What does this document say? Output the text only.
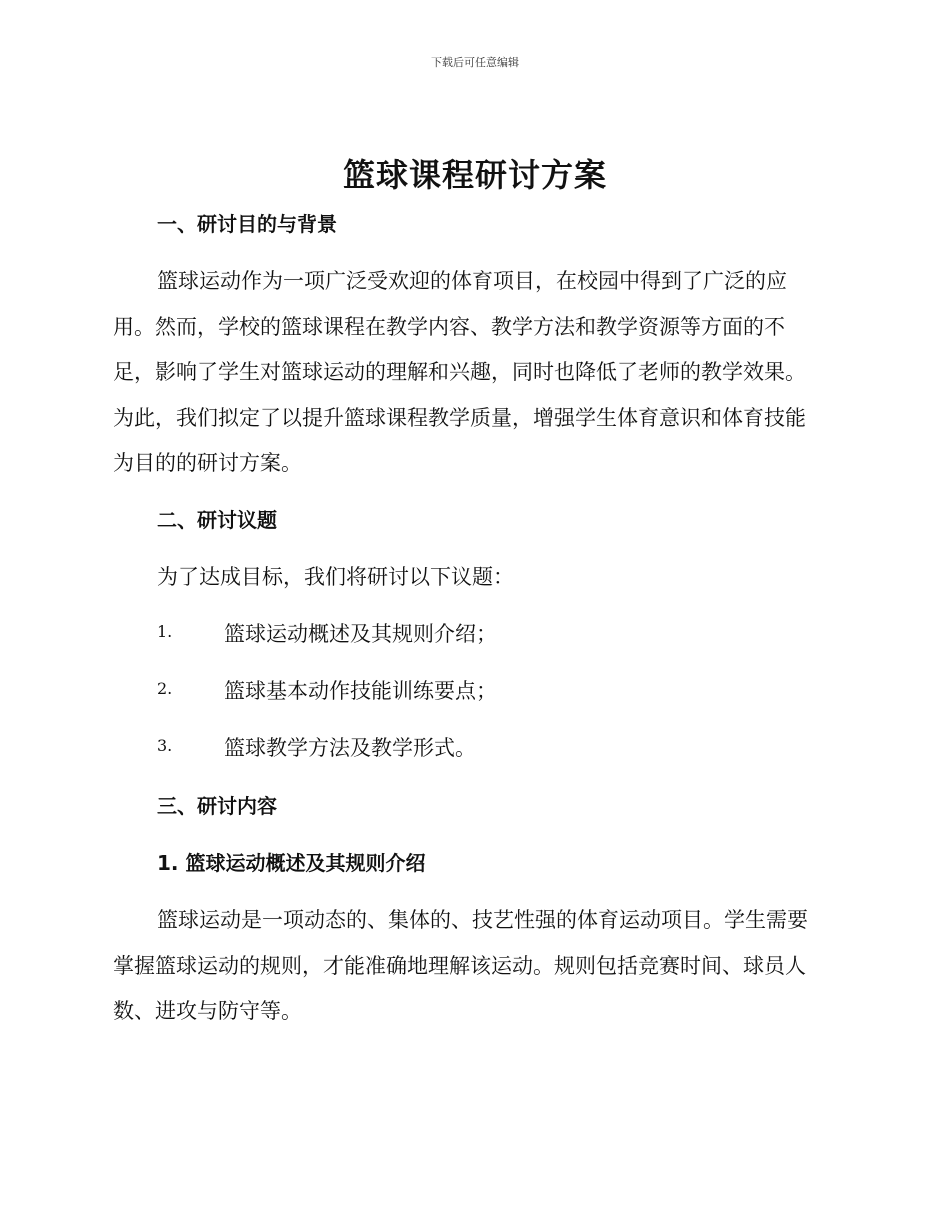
下载后可任意编辑
篮球课程研讨方案
一、研讨目的与背景
篮球运动作为一项广泛受欢迎的体育项目，在校园中得到了广泛的应
用。然而，学校的篮球课程在教学内容、教学方法和教学资源等方面的不
足，影响了学生对篮球运动的理解和兴趣，同时也降低了老师的教学效果。
为此，我们拟定了以提升篮球课程教学质量，增强学生体育意识和体育技能
为目的的研讨方案。
二、研讨议题
为了达成目标，我们将研讨以下议题：
1. 篮球运动概述及其规则介绍；
2. 篮球基本动作技能训练要点；
3. 篮球教学方法及教学形式。
三、研讨内容
1. 篮球运动概述及其规则介绍
篮球运动是一项动态的、集体的、技艺性强的体育运动项目。学生需要
掌握篮球运动的规则，才能准确地理解该运动。规则包括竞赛时间、球员人
数、进攻与防守等。
